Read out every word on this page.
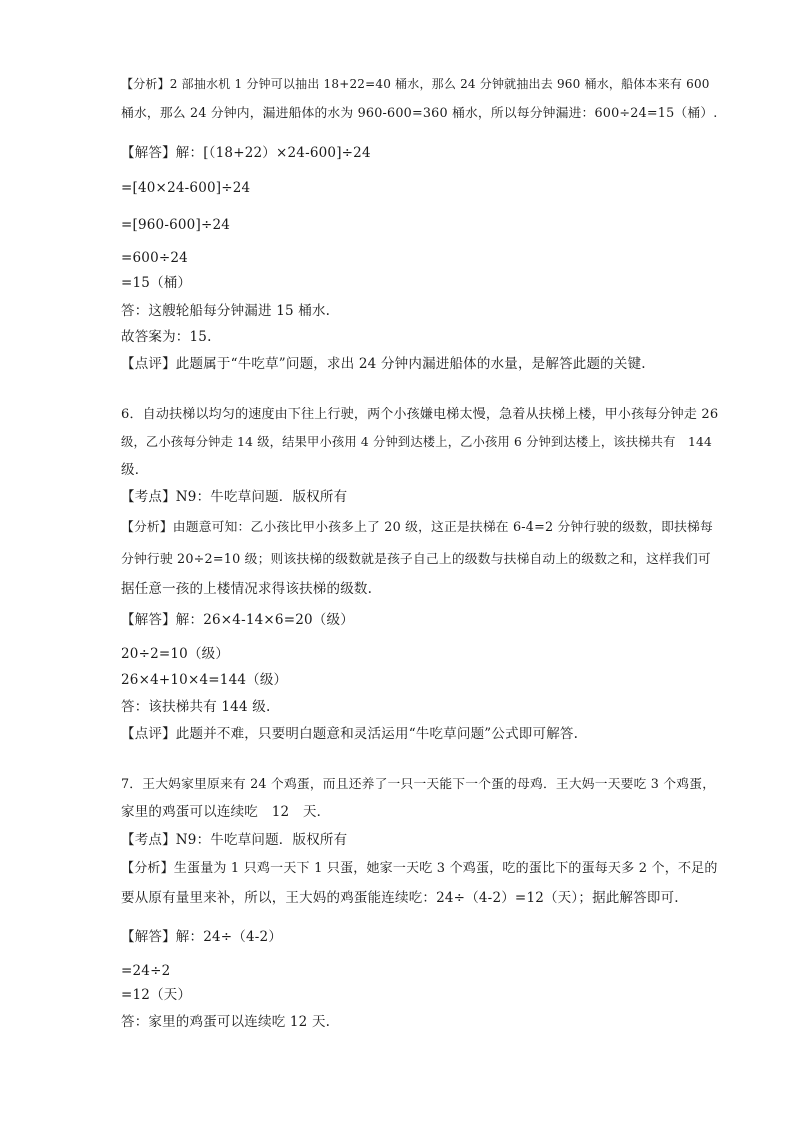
【分析】2 部抽水机 1 分钟可以抽出 18+22=40 桶水，那么 24 分钟就抽出去 960 桶水，船体本来有 600
桶水，那么 24 分钟内，漏进船体的水为 960-600=360 桶水，所以每分钟漏进：600÷24=15（桶）.
【解答】解：[（18+22）×24-600]÷24
=[40×24-600]÷24
=[960-600]÷24
=600÷24
=15（桶）
答：这艘轮船每分钟漏进 15 桶水.
故答案为：15.
【点评】此题属于“牛吃草”问题，求出 24 分钟内漏进船体的水量，是解答此题的关键.
6．自动扶梯以均匀的速度由下往上行驶，两个小孩嫌电梯太慢，急着从扶梯上楼，甲小孩每分钟走 26
级，乙小孩每分钟走 14 级，结果甲小孩用 4 分钟到达楼上，乙小孩用 6 分钟到达楼上，该扶梯共有　144
级．
【考点】N9：牛吃草问题．版权所有
【分析】由题意可知：乙小孩比甲小孩多上了 20 级，这正是扶梯在 6-4=2 分钟行驶的级数，即扶梯每
分钟行驶 20÷2=10 级；则该扶梯的级数就是孩子自己上的级数与扶梯自动上的级数之和，这样我们可
据任意一孩的上楼情况求得该扶梯的级数.
【解答】解：26×4-14×6=20（级）
20÷2=10（级）
26×4+10×4=144（级）
答：该扶梯共有 144 级.
【点评】此题并不难，只要明白题意和灵活运用“牛吃草问题”公式即可解答.
7．王大妈家里原来有 24 个鸡蛋，而且还养了一只一天能下一个蛋的母鸡．王大妈一天要吃 3 个鸡蛋，
家里的鸡蛋可以连续吃　12　天．
【考点】N9：牛吃草问题．版权所有
【分析】生蛋量为 1 只鸡一天下 1 只蛋，她家一天吃 3 个鸡蛋，吃的蛋比下的蛋每天多 2 个，不足的
要从原有量里来补，所以，王大妈的鸡蛋能连续吃：24÷（4-2）=12（天）；据此解答即可.
【解答】解：24÷（4-2）
=24÷2
=12（天）
答：家里的鸡蛋可以连续吃 12 天.
